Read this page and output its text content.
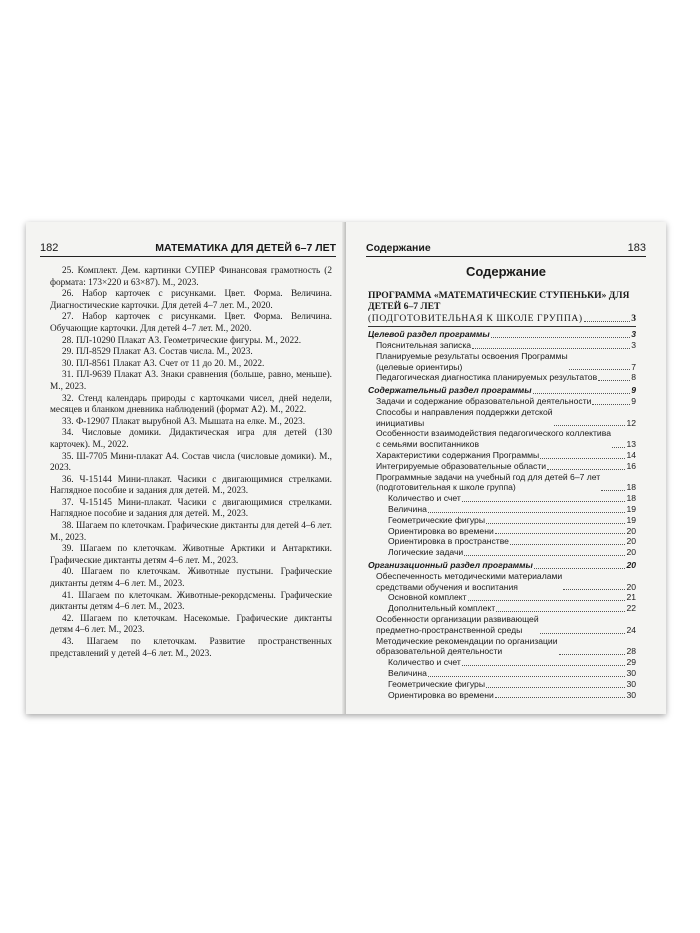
182	МАТЕМАТИКА ДЛЯ ДЕТЕЙ 6–7 ЛЕТ

25. Комплект. Дем. картинки СУПЕР Финансовая грамотность (2 формата: 173×220 и 63×87). М., 2023.

26. Набор карточек с рисунками. Цвет. Форма. Величина. Диагностические карточки. Для детей 4–7 лет. М., 2020.

27. Набор карточек с рисунками. Цвет. Форма. Величина. Обучающие карточки. Для детей 4–7 лет. М., 2020.

28. ПЛ-10290 Плакат А3. Геометрические фигуры. М., 2022.

29. ПЛ-8529 Плакат А3. Состав числа. М., 2023.

30. ПЛ-8561 Плакат А3. Счет от 11 до 20. М., 2022.

31. ПЛ-9639 Плакат А3. Знаки сравнения (больше, равно, меньше). М., 2023.

32. Стенд календарь природы с карточками чисел, дней недели, месяцев и бланком дневника наблюдений (формат А2). М., 2022.

33. Ф-12907 Плакат вырубной А3. Мышата на елке. М., 2023.

34. Числовые домики. Дидактическая игра для детей (130 карточек). М., 2022.

35. Ш-7705 Мини-плакат А4. Состав числа (числовые домики). М., 2023.

36. Ч-15144 Мини-плакат. Часики с двигающимися стрелками. Наглядное пособие и задания для детей. М., 2023.

37. Ч-15145 Мини-плакат. Часики с двигающимися стрелками. Наглядное пособие и задания для детей. М., 2023.

38. Шагаем по клеточкам. Графические диктанты для детей 4–6 лет. М., 2023.

39. Шагаем по клеточкам. Животные Арктики и Антарктики. Графические диктанты детям 4–6 лет. М., 2023.

40. Шагаем по клеточкам. Животные пустыни. Графические диктанты детям 4–6 лет. М., 2023.

41. Шагаем по клеточкам. Животные-рекордсмены. Графические диктанты детям 4–6 лет. М., 2023.

42. Шагаем по клеточкам. Насекомые. Графические диктанты детям 4–6 лет. М., 2023.

43. Шагаем по клеточкам. Развитие пространственных представлений у детей 4–6 лет. М., 2023.

Содержание	183
Содержание
ПРОГРАММА «МАТЕМАТИЧЕСКИЕ СТУПЕНЬКИ» ДЛЯ ДЕТЕЙ 6–7 ЛЕТ
(ПОДГОТОВИТЕЛЬНАЯ К ШКОЛЕ ГРУППА)	3
Целевой раздел программы	3
Пояснительная записка	3
Планируемые результаты освоения Программы
(целевые ориентиры)	7
Педагогическая диагностика планируемых результатов	8
Содержательный раздел программы	9
Задачи и содержание образовательной деятельности	9
Способы и направления поддержки детской
инициативы	12
Особенности взаимодействия педагогического коллектива
с семьями воспитанников	13
Характеристики содержания Программы	14
Интегрируемые образовательные области	16
Программные задачи на учебный год для детей 6–7 лет
(подготовительная к школе группа)	18
Количество и счет	18
Величина	19
Геометрические фигуры	19
Ориентировка во времени	20
Ориентировка в пространстве	20
Логические задачи	20
Организационный раздел программы	20
Обеспеченность методическими материалами
средствами обучения и воспитания	20
Основной комплект	21
Дополнительный комплект	22
Особенности организации развивающей
предметно-пространственной среды	24
Методические рекомендации по организации
образовательной деятельности	28
Количество и счет	29
Величина	30
Геометрические фигуры	30
Ориентировка во времени	30
